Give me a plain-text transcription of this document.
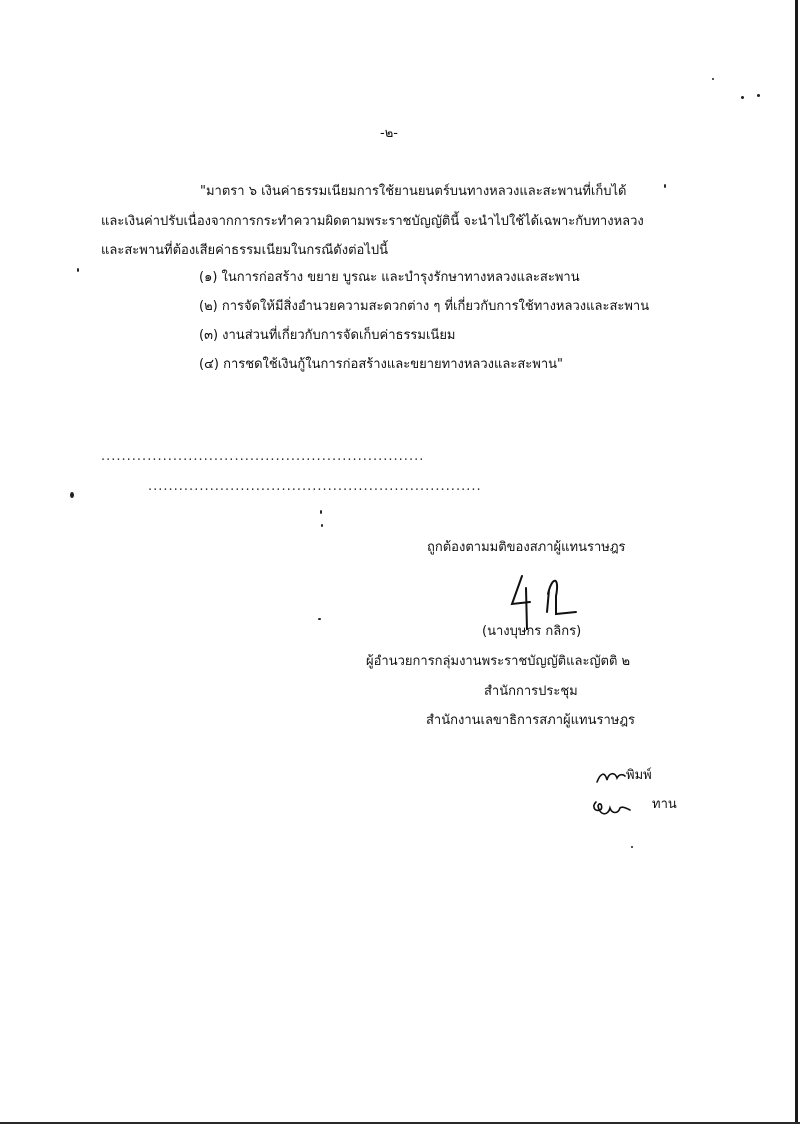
-๒-
"มาตรา ๖ เงินค่าธรรมเนียมการใช้ยานยนตร์บนทางหลวงและสะพานที่เก็บได้
และเงินค่าปรับเนื่องจากการกระทำความผิดตามพระราชบัญญัตินี้ จะนำไปใช้ได้เฉพาะกับทางหลวง
และสะพานที่ต้องเสียค่าธรรมเนียมในกรณีดังต่อไปนี้
(๑) ในการก่อสร้าง ขยาย บูรณะ และบำรุงรักษาทางหลวงและสะพาน
(๒) การจัดให้มีสิ่งอำนวยความสะดวกต่าง ๆ ที่เกี่ยวกับการใช้ทางหลวงและสะพาน
(๓) งานส่วนที่เกี่ยวกับการจัดเก็บค่าธรรมเนียม
(๔) การชดใช้เงินกู้ในการก่อสร้างและขยายทางหลวงและสะพาน"
...............................................................
.................................................................
ถูกต้องตามมติของสภาผู้แทนราษฎร
(นางบุษกร กลิกร)
ผู้อำนวยการกลุ่มงานพระราชบัญญัติและญัตติ ๒
สำนักการประชุม
สำนักงานเลขาธิการสภาผู้แทนราษฎร
พิมพ์
ทาน
